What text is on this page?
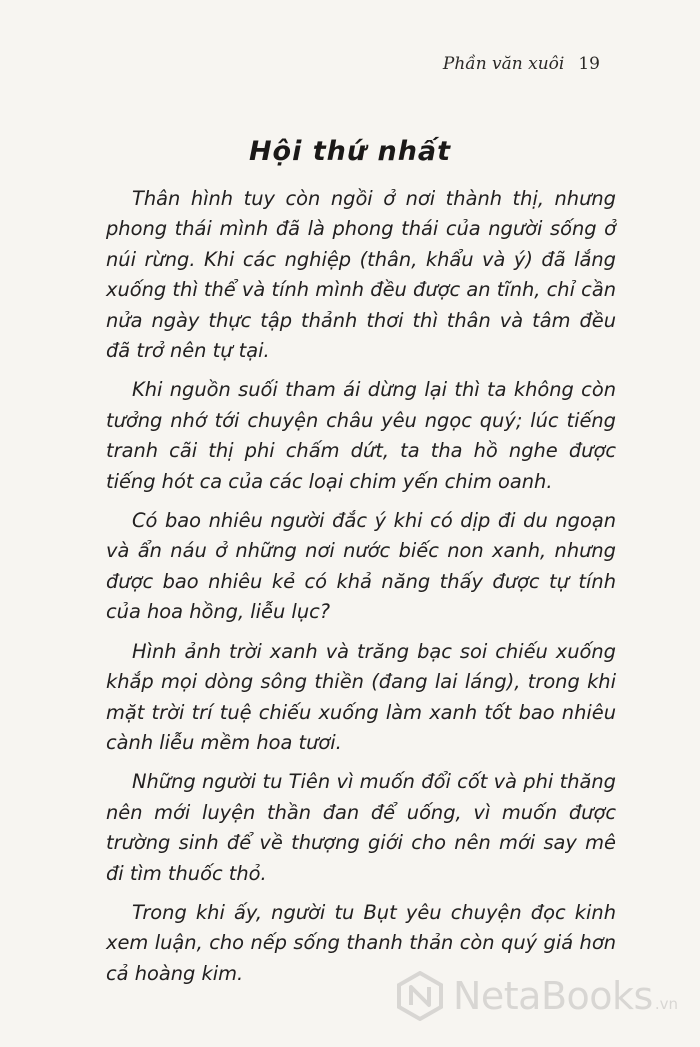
Phần văn xuôi 19
Hội thứ nhất

Thân hình tuy còn ngồi ở nơi thành thị, nhưng phong thái mình đã là phong thái của người sống ở núi rừng. Khi các nghiệp (thân, khẩu và ý) đã lắng xuống thì thể và tính mình đều được an tĩnh, chỉ cần nửa ngày thực tập thảnh thơi thì thân và tâm đều đã trở nên tự tại.

Khi nguồn suối tham ái dừng lại thì ta không còn tưởng nhớ tới chuyện châu yêu ngọc quý; lúc tiếng tranh cãi thị phi chấm dứt, ta tha hồ nghe được tiếng hót ca của các loại chim yến chim oanh.

Có bao nhiêu người đắc ý khi có dịp đi du ngoạn và ẩn náu ở những nơi nước biếc non xanh, nhưng được bao nhiêu kẻ có khả năng thấy được tự tính của hoa hồng, liễu lục?

Hình ảnh trời xanh và trăng bạc soi chiếu xuống khắp mọi dòng sông thiền (đang lai láng), trong khi mặt trời trí tuệ chiếu xuống làm xanh tốt bao nhiêu cành liễu mềm hoa tươi.

Những người tu Tiên vì muốn đổi cốt và phi thăng nên mới luyện thần đan để uống, vì muốn được trường sinh để về thượng giới cho nên mới say mê đi tìm thuốc thỏ.

Trong khi ấy, người tu Bụt yêu chuyện đọc kinh xem luận, cho nếp sống thanh thản còn quý giá hơn cả hoàng kim.

NetaBooks .vn
